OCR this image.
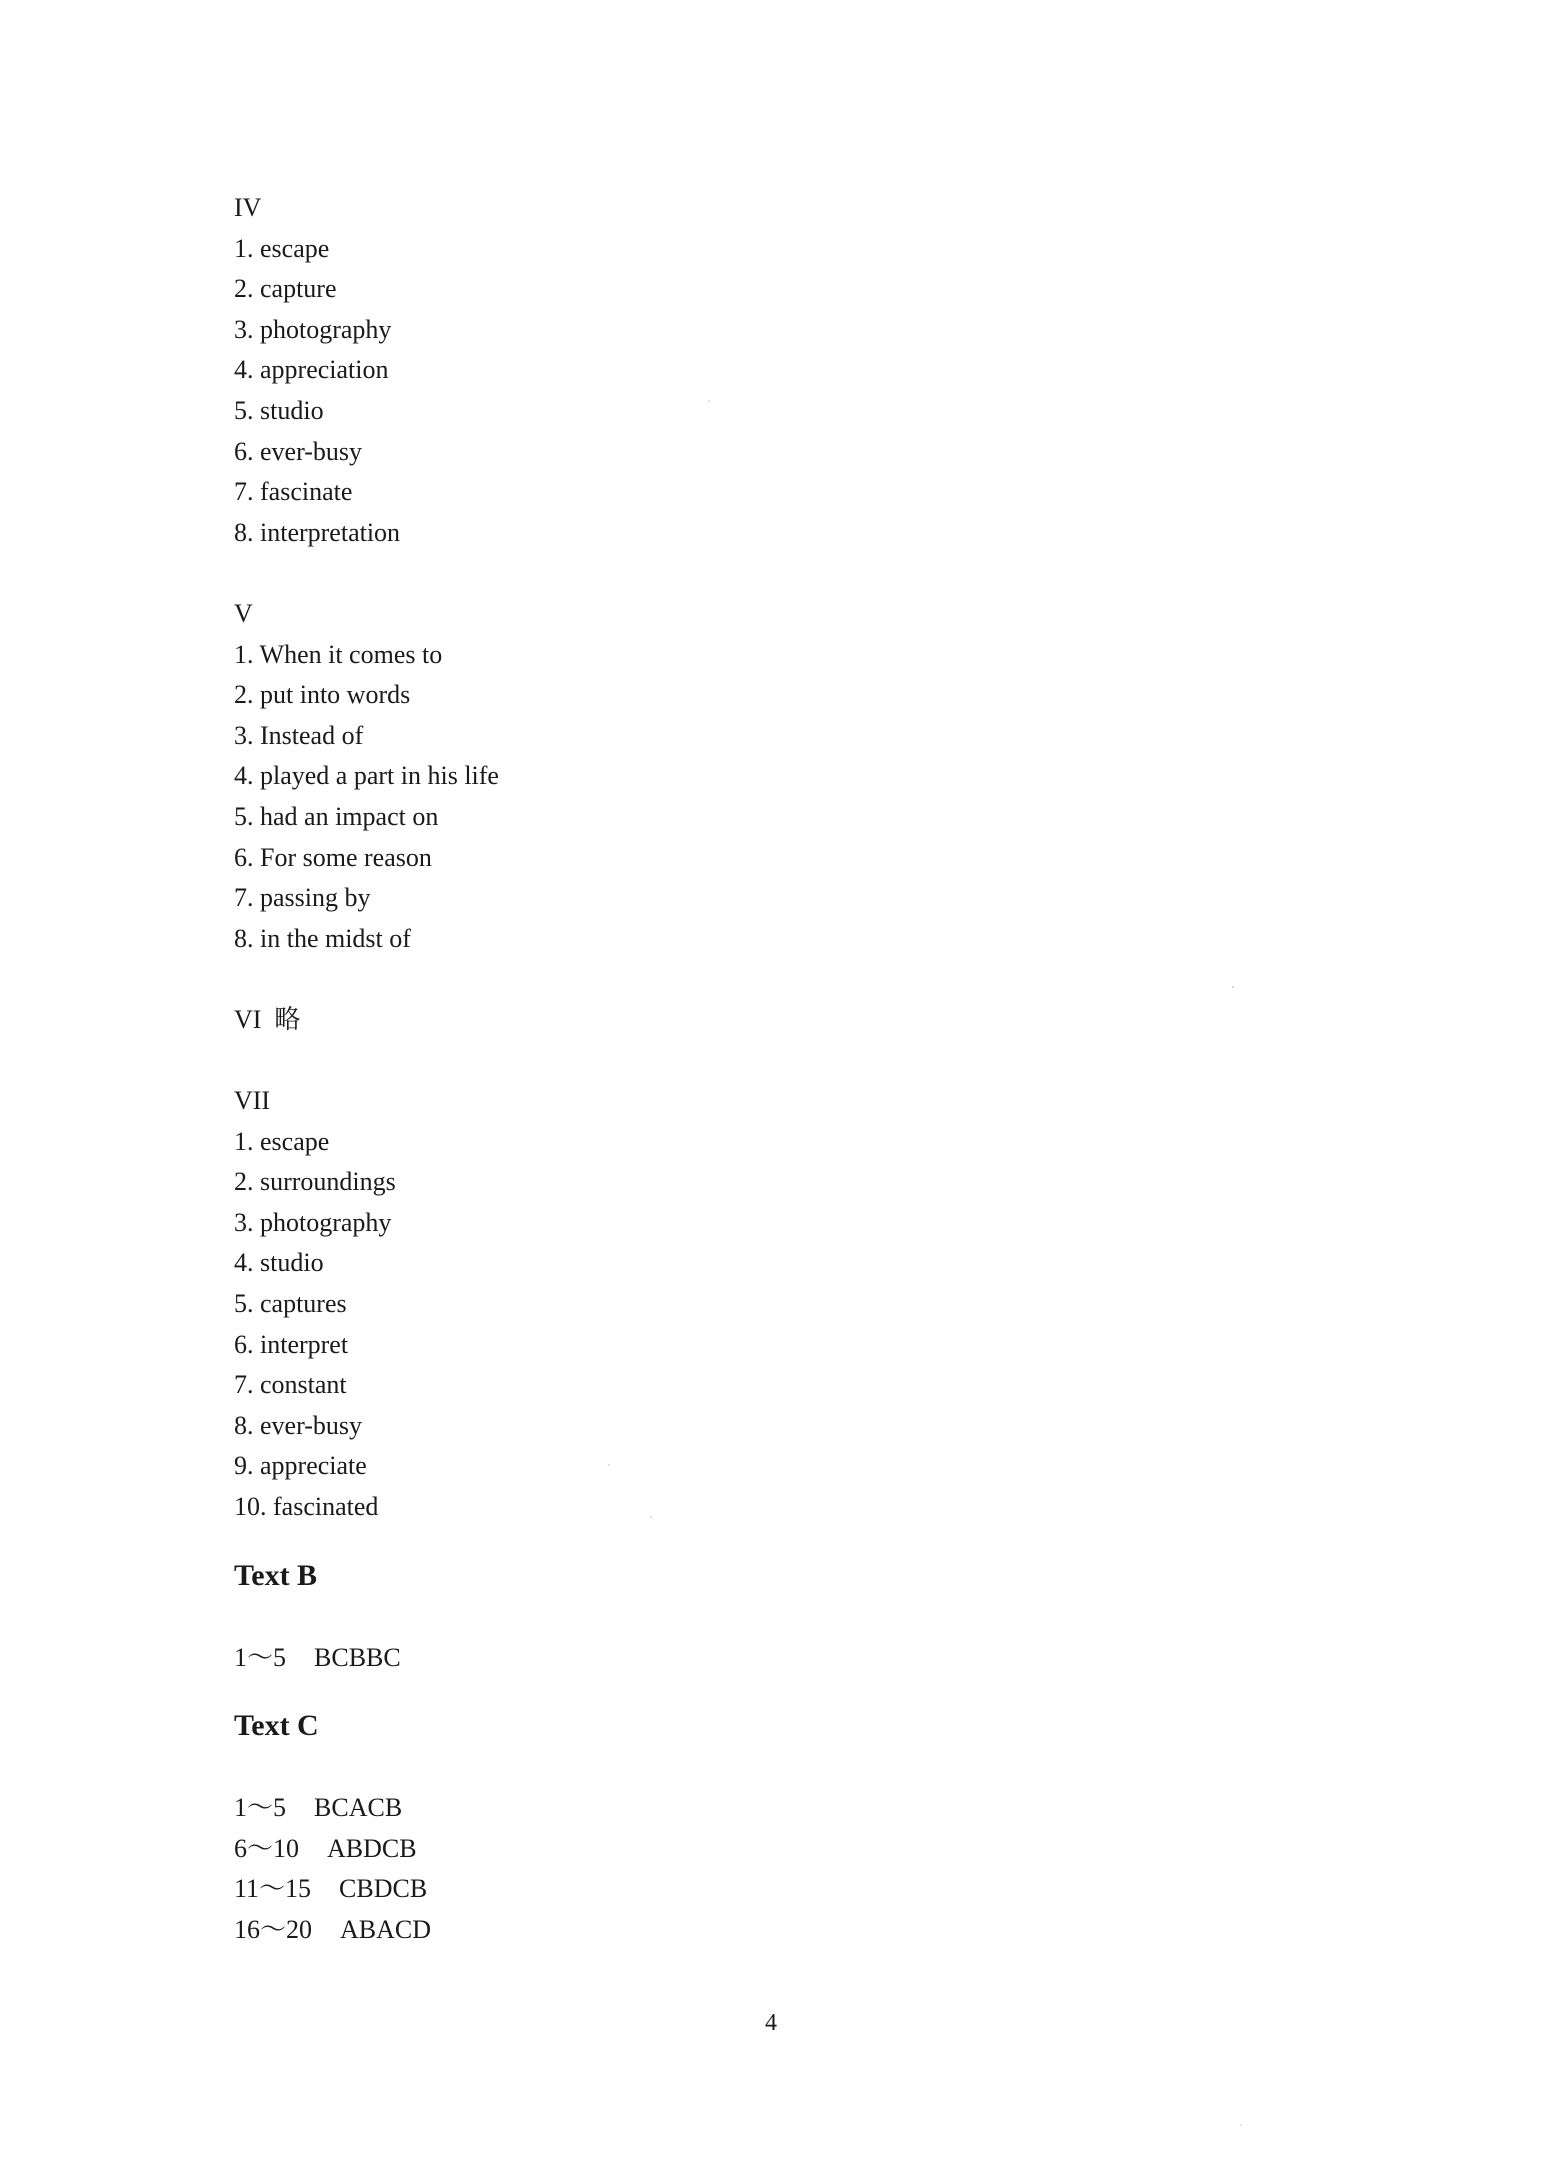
IV
1. escape
2. capture
3. photography
4. appreciation
5. studio
6. ever-busy
7. fascinate
8. interpretation
V
1. When it comes to
2. put into words
3. Instead of
4. played a part in his life
5. had an impact on
6. For some reason
7. passing by
8. in the midst of
VI  略
VII
1. escape
2. surroundings
3. photography
4. studio
5. captures
6. interpret
7. constant
8. ever-busy
9. appreciate
10. fascinated
Text B
1～5 BCBBC
Text C
1～5 BCACB
6～10 ABDCB
11～15 CBDCB
16～20 ABACD
4
